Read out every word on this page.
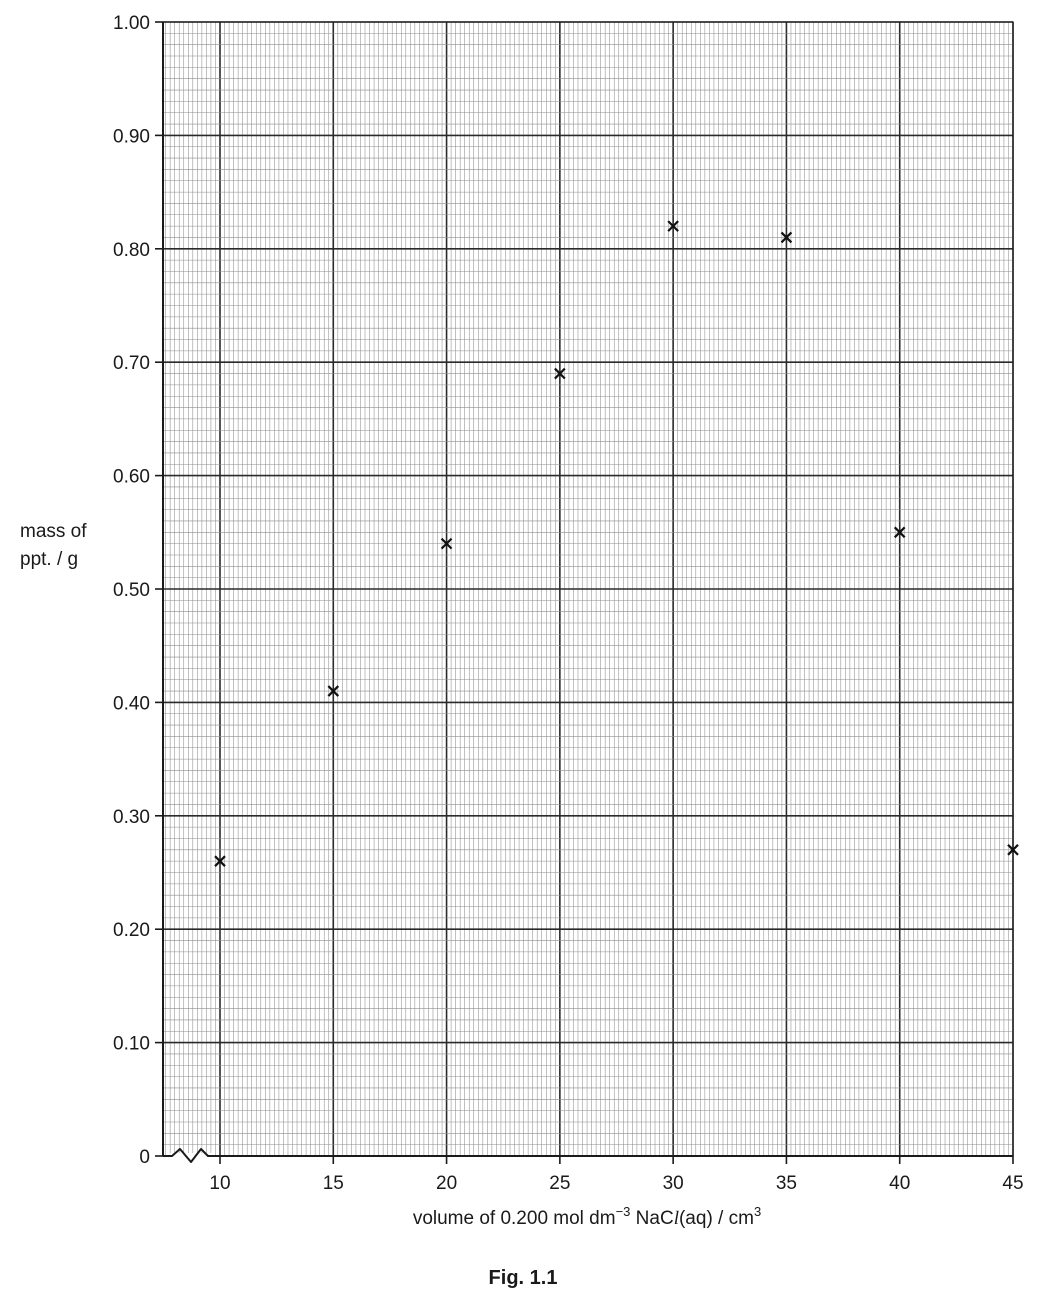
0
0.10
0.20
0.30
0.40
0.50
0.60
0.70
0.80
0.90
1.00
10	15	20	25	30	35	40	45
mass of
ppt. / g
volume of 0.200 mol $dm^{-3}$ NaCl(aq) / $cm^3$
Fig. 1.1
